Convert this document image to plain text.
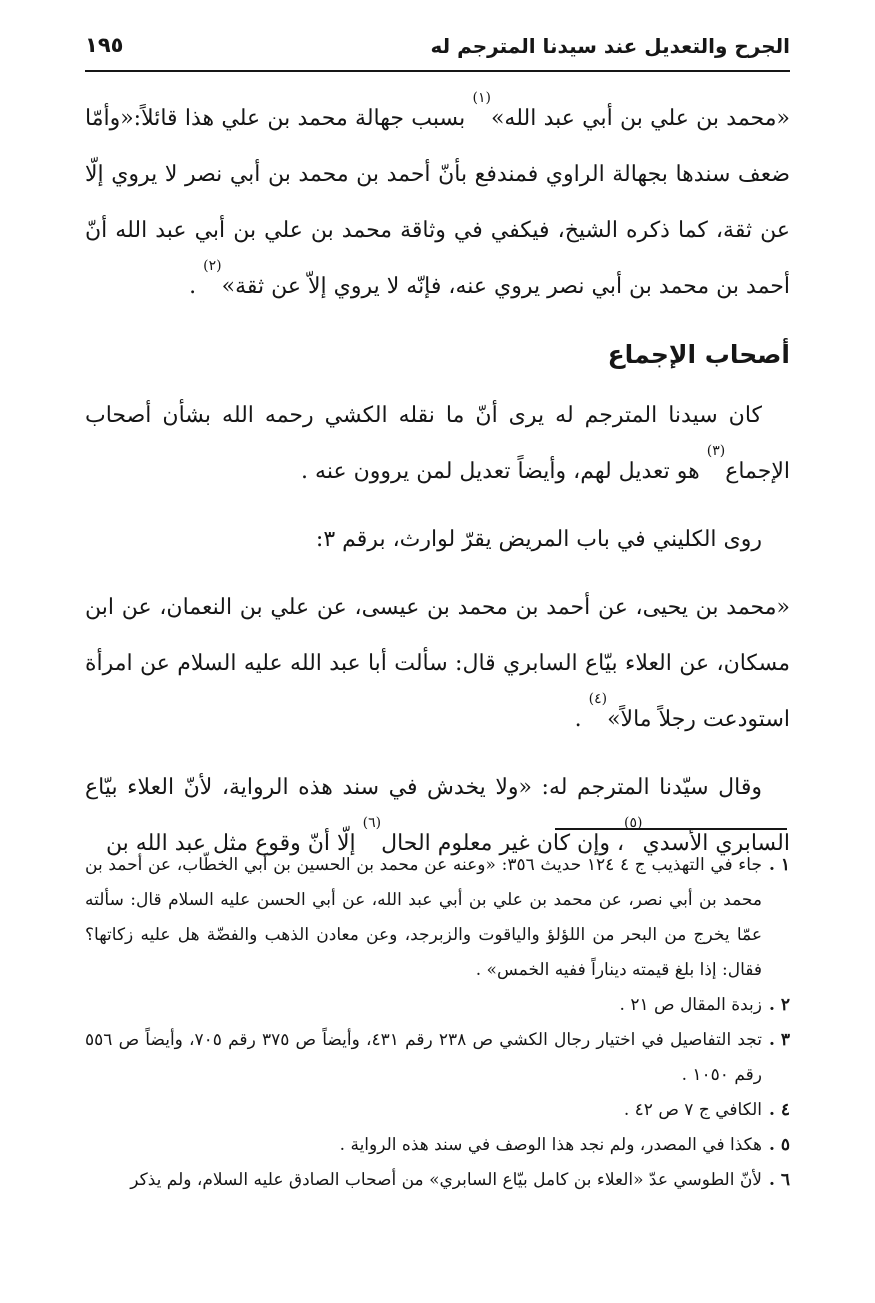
الجرح والتعديل عند سيدنا المترجم له
١٩٥
«محمد بن علي بن أبي عبد الله»$^{(١)}$ بسبب جهالة محمد بن علي هذا قائلاً:«وأمّا ضعف سندها بجهالة الراوي فمندفع بأنّ أحمد بن محمد بن أبي نصر لا يروي إلّا عن ثقة، كما ذكره الشيخ، فيكفي في وثاقة محمد بن علي بن أبي عبد الله أنّ أحمد بن محمد بن أبي نصر يروي عنه، فإنّه لا يروي إلاّ عن ثقة»$^{(٢)}$ .
أصحاب الإجماع

كان سيدنا المترجم له يرى أنّ ما نقله الكشي رحمه الله بشأن أصحاب الإجماع$^{(٣)}$ هو تعديل لهم، وأيضاً تعديل لمن يروون عنه .

روى الكليني في باب المريض يقرّ لوارث، برقم ٣:

«محمد بن يحيى، عن أحمد بن محمد بن عيسى، عن علي بن النعمان، عن ابن مسكان، عن العلاء بيّاع السابري قال: سألت أبا عبد الله عليه السلام عن امرأة استودعت رجلاً مالاً»$^{(٤)}$ .

وقال سيّدنا المترجم له: «ولا يخدش في سند هذه الرواية، لأنّ العلاء بيّاع السابري الأسدي$^{(٥)}$، وإن كان غير معلوم الحال$^{(٦)}$ إلّا أنّ وقوع مثل عبد الله بن

١ .
جاء في التهذيب ج ٤ ١٢٤ حديث ٣٥٦: «وعنه عن محمد بن الحسين بن أبي الخطّاب، عن أحمد بن محمد بن أبي نصر، عن محمد بن علي بن أبي عبد الله، عن أبي الحسن عليه السلام قال: سألته عمّا يخرج من البحر من اللؤلؤ والياقوت والزبرجد، وعن معادن الذهب والفضّة هل عليه زكاتها؟ فقال: إذا بلغ قيمته ديناراً ففيه الخمس» .
٢ .
زبدة المقال ص ٢١ .
٣ .
تجد التفاصيل في اختيار رجال الكشي ص ٢٣٨ رقم ٤٣١، وأيضاً ص ٣٧٥ رقم ٧٠٥، وأيضاً ص ٥٥٦ رقم ١٠٥٠ .
٤ .
الكافي ج ٧ ص ٤٢ .
٥ .
هكذا في المصدر، ولم نجد هذا الوصف في سند هذه الرواية .
٦ .
لأنّ الطوسي عدّ «العلاء بن كامل بيّاع السابري» من أصحاب الصادق عليه السلام، ولم يذكر
